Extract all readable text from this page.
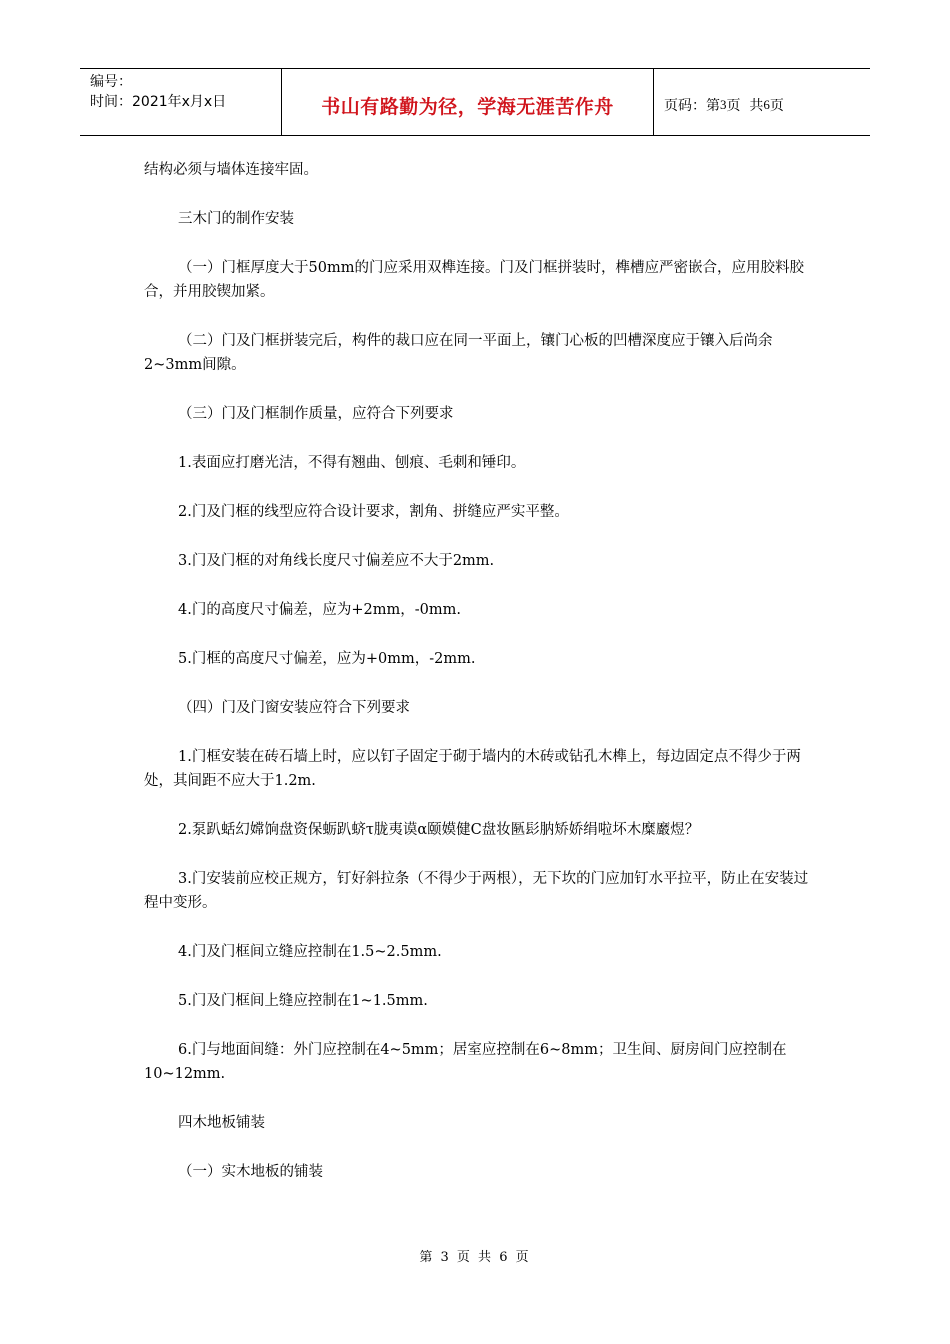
编号：
时间：2021年x月x日	书山有路勤为径，学海无涯苦作舟	页码：第 3 页  共 6 页

结构必须与墙体连接牢固。

三木门的制作安装

（一）门框厚度大于50mm的门应采用双榫连接。门及门框拼装时，榫槽应严密嵌合，应用胶料胶合，并用胶锲加紧。

（二）门及门框拼装完后，构件的裁口应在同一平面上，镶门心板的凹槽深度应于镶入后尚余2~3mm间隙。

（三）门及门框制作质量，应符合下列要求

1.表面应打磨光洁，不得有翘曲、刨痕、毛刺和锤印。

2.门及门框的线型应符合设计要求，割角、拼缝应严实平整。

3.门及门框的对角线长度尺寸偏差应不大于2mm.

4.门的高度尺寸偏差，应为+2mm，-0mm.

5.门框的高度尺寸偏差，应为+0mm，-2mm.

（四）门及门窗安装应符合下列要求

1.门框安装在砖石墙上时，应以钉子固定于砌于墙内的木砖或钻孔木榫上，每边固定点不得少于两处，其间距不应大于1.2m.

2.泵趴蛞幻嫦饷盘资保蛎趴蛴τ胧夷谟α颐嫫健C盘妆匦髟肭矫娇绢啦坏木糜黀煜？

3.门安装前应校正规方，钉好斜拉条（不得少于两根），无下坎的门应加钉水平拉平，防止在安装过程中变形。

4.门及门框间立缝应控制在1.5~2.5mm.

5.门及门框间上缝应控制在1~1.5mm.

6.门与地面间缝：外门应控制在4~5mm；居室应控制在6~8mm；卫生间、厨房间门应控制在10~12mm.

四木地板铺装

（一）实木地板的铺装

第 3 页 共 6 页
